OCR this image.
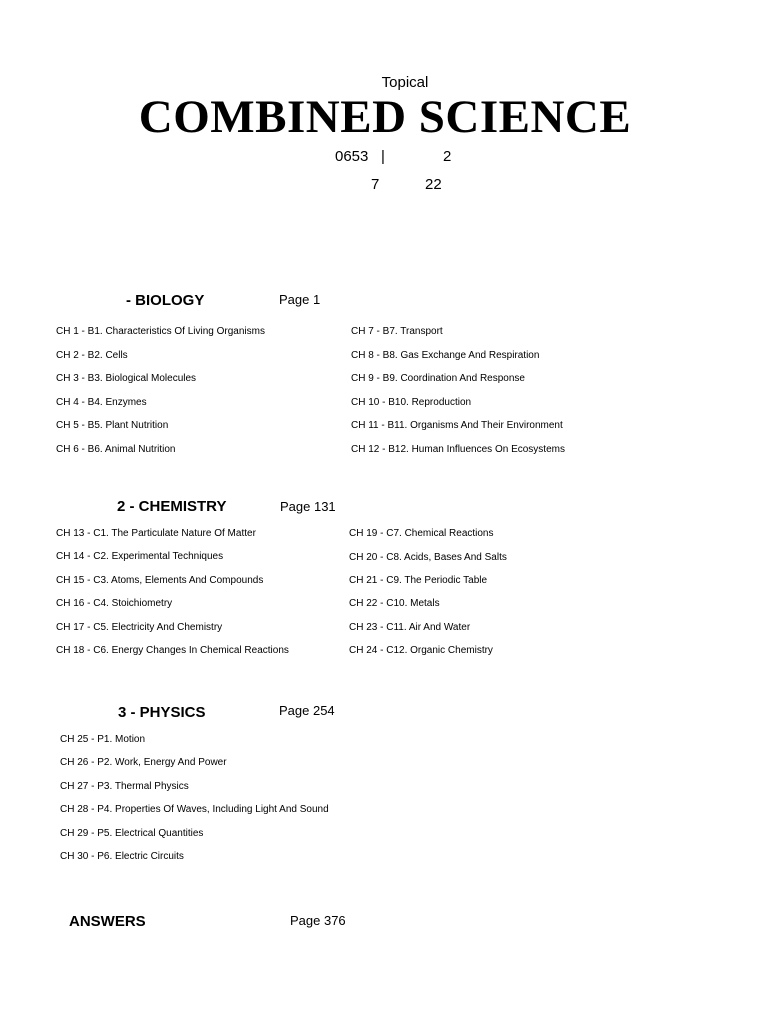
Topical
COMBINED SCIENCE
0653 |	2
7	22
- BIOLOGY	Page 1
CH 1 - B1. Characteristics Of Living Organisms
CH 2 - B2. Cells
CH 3 - B3. Biological Molecules
CH 4 - B4. Enzymes
CH 5 - B5. Plant Nutrition
CH 6 - B6. Animal Nutrition
CH 7 - B7. Transport
CH 8 - B8. Gas Exchange And Respiration
CH 9 - B9. Coordination And Response
CH 10 - B10. Reproduction
CH 11 - B11. Organisms And Their Environment
CH 12 - B12. Human Influences On Ecosystems
2 - CHEMISTRY	Page 131
CH 13 - C1. The Particulate Nature Of Matter
CH 14 - C2. Experimental Techniques
CH 15 - C3. Atoms, Elements And Compounds
CH 16 - C4. Stoichiometry
CH 17 - C5. Electricity And Chemistry
CH 18 - C6. Energy Changes In Chemical Reactions
CH 19 - C7. Chemical Reactions
CH 20 - C8. Acids, Bases And Salts
CH 21 - C9. The Periodic Table
CH 22 - C10. Metals
CH 23 - C11. Air And Water
CH 24 - C12. Organic Chemistry
3 - PHYSICS	Page 254
CH 25 - P1. Motion
CH 26 - P2. Work, Energy And Power
CH 27 - P3. Thermal Physics
CH 28 - P4. Properties Of Waves, Including Light And Sound
CH 29 - P5. Electrical Quantities
CH 30 - P6. Electric Circuits
ANSWERS	Page 376
